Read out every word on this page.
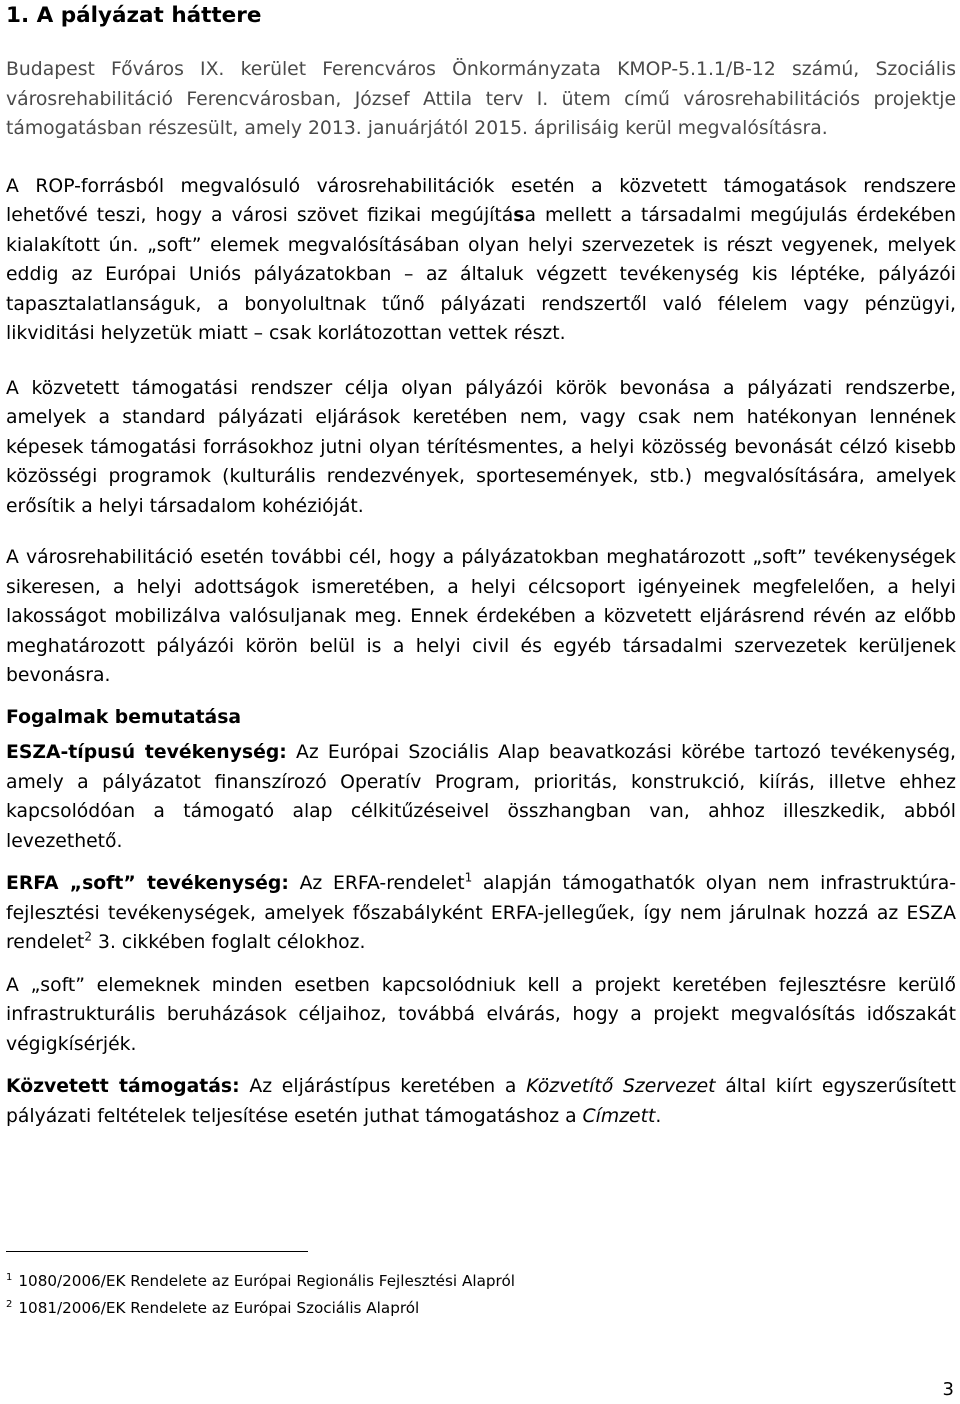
1. A pályázat háttere

Budapest Főváros IX. kerület Ferencváros Önkormányzata KMOP-5.1.1/B-12 számú, Szociális városrehabilitáció Ferencvárosban, József Attila terv I. ütem című városrehabilitációs projektje támogatásban részesült, amely 2013. januárjától 2015. áprilisáig kerül megvalósításra.

A ROP-forrásból megvalósuló városrehabilitációk esetén a közvetett támogatások rendszere lehetővé teszi, hogy a városi szövet fizikai megújítása mellett a társadalmi megújulás érdekében kialakított ún. „soft” elemek megvalósításában olyan helyi szervezetek is részt vegyenek, melyek eddig az Európai Uniós pályázatokban – az általuk végzett tevékenység kis léptéke, pályázói tapasztalatlanságuk, a bonyolultnak tűnő pályázati rendszertől való félelem vagy pénzügyi, likviditási helyzetük miatt – csak korlátozottan vettek részt.

A közvetett támogatási rendszer célja olyan pályázói körök bevonása a pályázati rendszerbe, amelyek a standard pályázati eljárások keretében nem, vagy csak nem hatékonyan lennének képesek támogatási forrásokhoz jutni olyan térítésmentes, a helyi közösség bevonását célzó kisebb közösségi programok (kulturális rendezvények, sportesemények, stb.) megvalósítására, amelyek erősítik a helyi társadalom kohézióját.

A városrehabilitáció esetén további cél, hogy a pályázatokban meghatározott „soft” tevékenységek sikeresen, a helyi adottságok ismeretében, a helyi célcsoport igényeinek megfelelően, a helyi lakosságot mobilizálva valósuljanak meg. Ennek érdekében a közvetett eljárásrend révén az előbb meghatározott pályázói körön belül is a helyi civil és egyéb társadalmi szervezetek kerüljenek bevonásra.

Fogalmak bemutatása

ESZA-típusú tevékenység: Az Európai Szociális Alap beavatkozási körébe tartozó tevékenység, amely a pályázatot finanszírozó Operatív Program, prioritás, konstrukció, kiírás, illetve ehhez kapcsolódóan a támogató alap célkitűzéseivel összhangban van, ahhoz illeszkedik, abból levezethető.

ERFA „soft” tevékenység: Az ERFA-rendelet$^1$ alapján támogathatók olyan nem infrastruktúra-fejlesztési tevékenységek, amelyek főszabályként ERFA-jellegűek, így nem járulnak hozzá az ESZA rendelet$^2$ 3. cikkében foglalt célokhoz.

A „soft” elemeknek minden esetben kapcsolódniuk kell a projekt keretében fejlesztésre kerülő infrastrukturális beruházások céljaihoz, továbbá elvárás, hogy a projekt megvalósítás időszakát végigkísérjék.

Közvetett támogatás: Az eljárástípus keretében a Közvetítő Szervezet által kiírt egyszerűsített pályázati feltételek teljesítése esetén juthat támogatáshoz a Címzett.

$^1$ 1080/2006/EK Rendelete az Európai Regionális Fejlesztési Alapról
$^2$ 1081/2006/EK Rendelete az Európai Szociális Alapról
3
